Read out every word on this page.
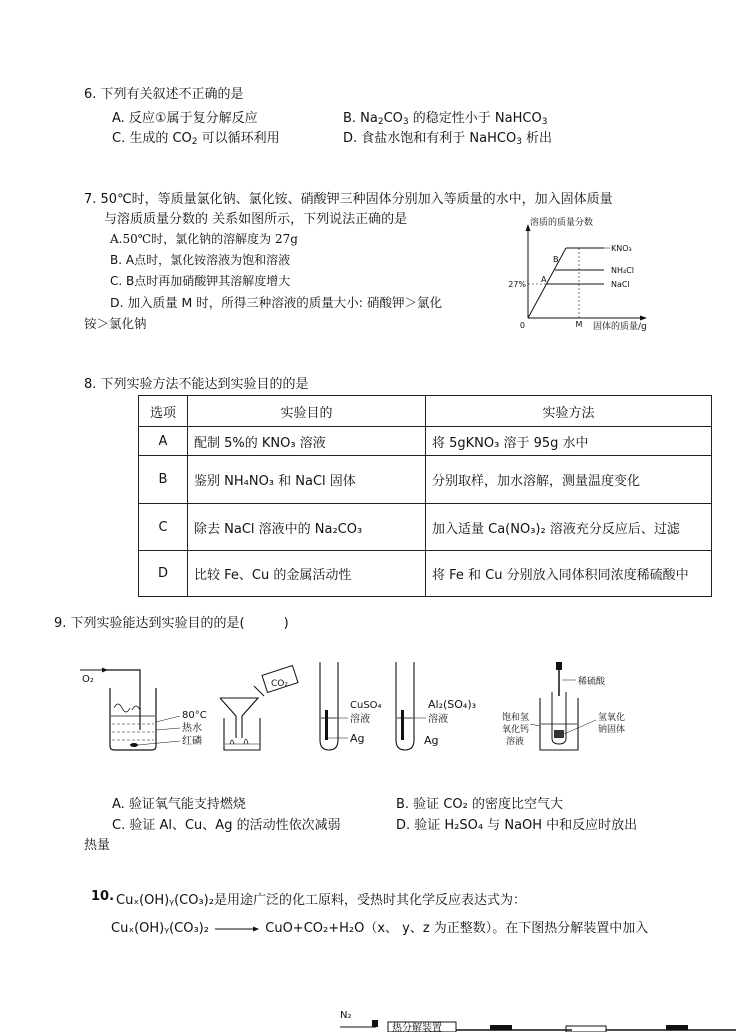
6. 下列有关叙述不正确的是
A. 反应①属于复分解反应	B. $Na_2CO_3$ 的稳定性小于 NaHCO$_3$
C. 生成的 $CO_2$ 可以循环利用	D. 食盐水饱和有利于 NaHCO$_3$ 析出
7. 50℃时，等质量氯化钠、氯化铵、硝酸钾三种固体分别加入等质量的水中，加入固体质量
与溶质质量分数的 关系如图所示，下列说法正确的是
A.50℃时，氯化钠的溶解度为 27g
B. A点时，氯化铵溶液为饱和溶液
C. B点时再加硝酸钾其溶解度增大
D. 加入质量 M 时，所得三种溶液的质量大小: 硝酸钾＞氯化
铵＞氯化钠
溶质的质量分数
0	M 固体的质量/g
27%
B
A
KNO₃
NH₄Cl
NaCl
8. 下列实验方法不能达到实验目的的是
选项	实验目的	实验方法
A	配制 5%的 KNO₃ 溶液	将 5gKNO₃ 溶于 95g 水中
B	鉴别 NH₄NO₃ 和 NaCl 固体	分别取样，加水溶解，测量温度变化
C	除去 NaCl 溶液中的 Na₂CO₃	加入适量 Ca(NO₃)₂ 溶液充分反应后、过滤
D	比较 Fe、Cu 的金属活动性	将 Fe 和 Cu 分别放入同体积同浓度稀硫酸中
9. 下列实验能达到实验目的的是(　　　)
O₂
80°C
热水
红磷
CO₂
CuSO₄
溶液
Ag
Al₂(SO₄)₃
溶液
Ag
稀硫酸
饱和氢
氧化钙
溶液
氢氧化
钠固体
A. 验证氧气能支持燃烧	B. 验证 CO₂ 的密度比空气大
C. 验证 Al、Cu、Ag 的活动性依次减弱	D. 验证 H₂SO₄ 与 NaOH 中和反应时放出
热量
10. Cuₓ(OH)ᵧ(CO₃)₂是用途广泛的化工原料，受热时其化学反应表达式为：
Cuₓ(OH)ᵧ(CO₃)₂ → CuO+CO₂+H₂O（x、 y、z 为正整数）。在下图热分解装置中加入
N₂
热分解装置
